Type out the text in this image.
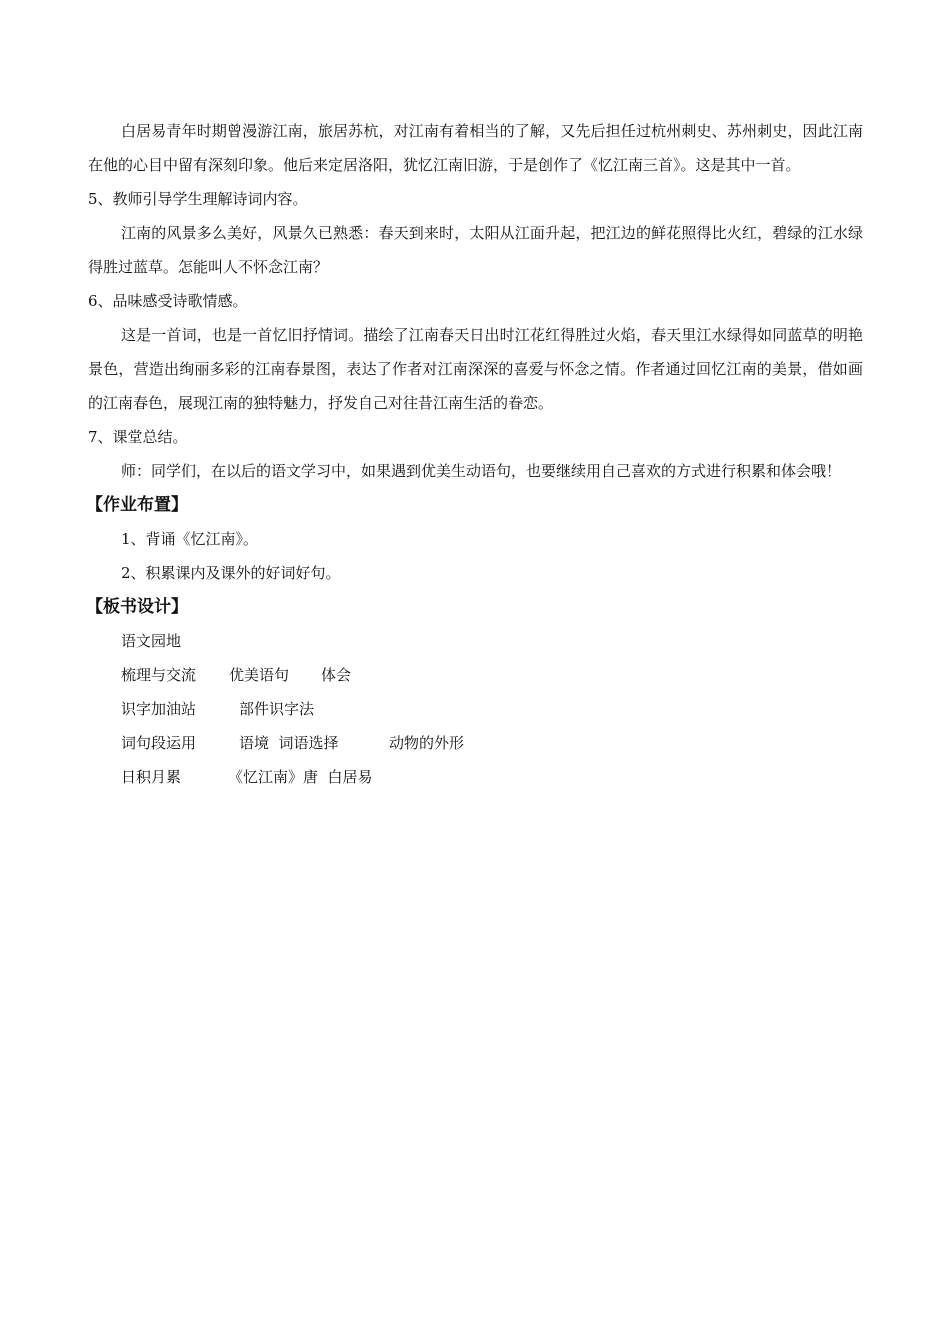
白居易青年时期曾漫游江南，旅居苏杭，对江南有着相当的了解，又先后担任过杭州刺史、苏州刺史，因此江南在他的心目中留有深刻印象。他后来定居洛阳，犹忆江南旧游，于是创作了《忆江南三首》。这是其中一首。

5、教师引导学生理解诗词内容。

江南的风景多么美好，风景久已熟悉：春天到来时，太阳从江面升起，把江边的鲜花照得比火红，碧绿的江水绿得胜过蓝草。怎能叫人不怀念江南？

6、品味感受诗歌情感。

这是一首词，也是一首忆旧抒情词。描绘了江南春天日出时江花红得胜过火焰，春天里江水绿得如同蓝草的明艳景色，营造出绚丽多彩的江南春景图，表达了作者对江南深深的喜爱与怀念之情。作者通过回忆江南的美景，借如画的江南春色，展现江南的独特魅力，抒发自己对往昔江南生活的眷恋。

7、课堂总结。

师：同学们，在以后的语文学习中，如果遇到优美生动语句，也要继续用自己喜欢的方式进行积累和体会哦！

【作业布置】

1、背诵《忆江南》。

2、积累课内及课外的好词好句。

【板书设计】

语文园地

梳理与交流	优美语句	体会
识字加油站	部件识字法
词句段运用	语境  词语选择	动物的外形
日积月累	《忆江南》唐  白居易
